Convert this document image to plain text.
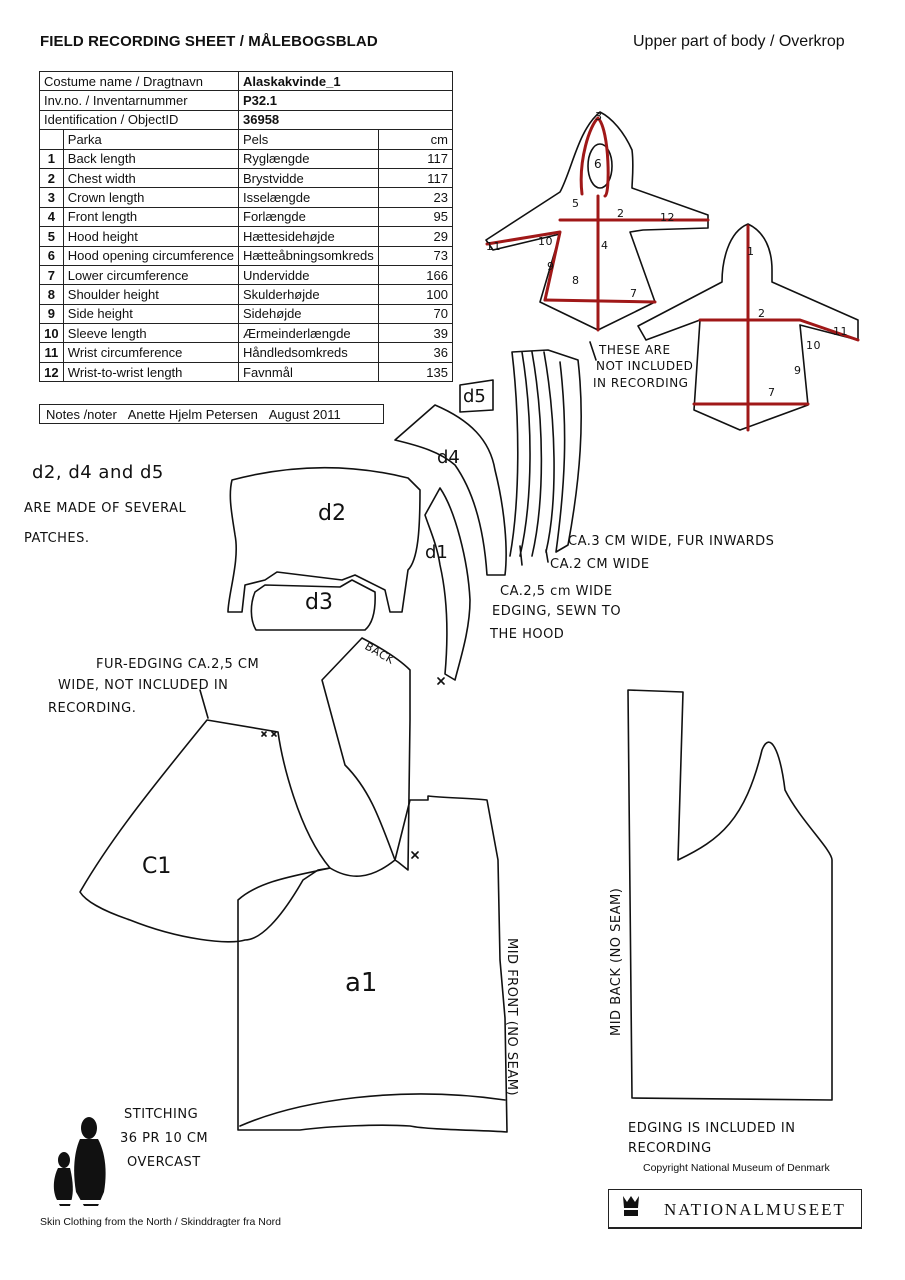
FIELD RECORDING SHEET / MÅLEBOGSBLAD	Upper part of body / Overkrop
Costume name / Dragtnavn		Alaskakvinde_1	
Inv.no. / Inventarnummer		P32.1	
Identification / ObjectID		36958	
	Parka	Pels	cm
1	Back length	Ryglængde	117
2	Chest width	Brystvidde	117
3	Crown length	Isselængde	23
4	Front length	Forlængde	95
5	Hood height	Hættesidehøjde	29
6	Hood opening circumference	Hætteåbningsomkreds	73
7	Lower circumference	Undervidde	166
8	Shoulder height	Skulderhøjde	100
9	Side height	Sidehøjde	70
10	Sleeve length	Ærmeinderlængde	39
11	Wrist circumference	Håndledsomkreds	36
12	Wrist-to-wrist length	Favnmål	135
Notes /noter Anette Hjelm Petersen August 2011
3
6
5
2	12
10
11	4
9
8
7
1
2
11
10
9
7
d5
d4
d2
d1
d3
C1
a1
d2, d4 and d5
ARE MADE OF SEVERAL
PATCHES.
THESE ARE
NOT INCLUDED
IN RECORDING
CA.3 CM WIDE, FUR INWARDS
CA.2 CM WIDE
CA.2,5 cm WIDE
EDGING, SEWN TO
THE HOOD
BACK
FUR-EDGING CA.2,5 CM
WIDE, NOT INCLUDED IN
RECORDING.
MID FRONT (NO SEAM)	MID BACK (NO SEAM)
EDGING IS INCLUDED IN
RECORDING
STITCHING
36 PR 10 CM
OVERCAST	Copyright National Museum of Denmark
NATIONALMUSEET
Skin Clothing from the North / Skinddragter fra Nord
